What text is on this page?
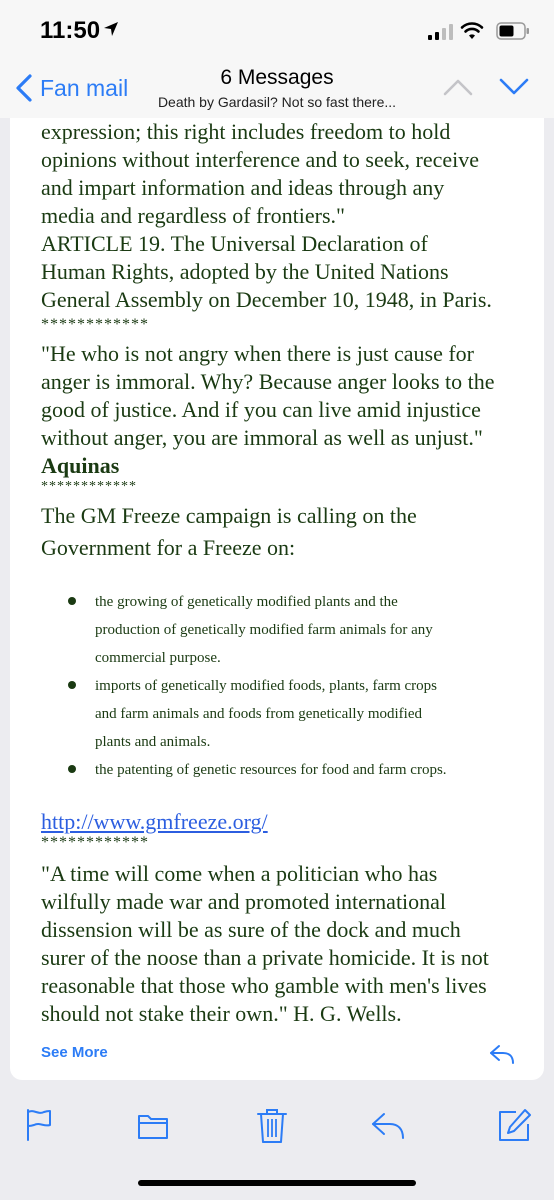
11:50
Fan mail	6 Messages
Death by Gardasil? Not so fast there...
expression; this right includes freedom to hold
opinions without interference and to seek, receive
and impart information and ideas through any
media and regardless of frontiers."
ARTICLE 19. The Universal Declaration of
Human Rights, adopted by the United Nations
General Assembly on December 10, 1948, in Paris.
************
"He who is not angry when there is just cause for
anger is immoral. Why? Because anger looks to the
good of justice. And if you can live amid injustice
without anger, you are immoral as well as unjust."
Aquinas
************
The GM Freeze campaign is calling on the
Government for a Freeze on:
the growing of genetically modified plants and the
production of genetically modified farm animals for any
commercial purpose.
imports of genetically modified foods, plants, farm crops
and farm animals and foods from genetically modified
plants and animals.
the patenting of genetic resources for food and farm crops.
http://www.gmfreeze.org/
************
"A time will come when a politician who has
wilfully made war and promoted international
dissension will be as sure of the dock and much
surer of the noose than a private homicide. It is not
reasonable that those who gamble with men's lives
should not stake their own." H. G. Wells.
See More
